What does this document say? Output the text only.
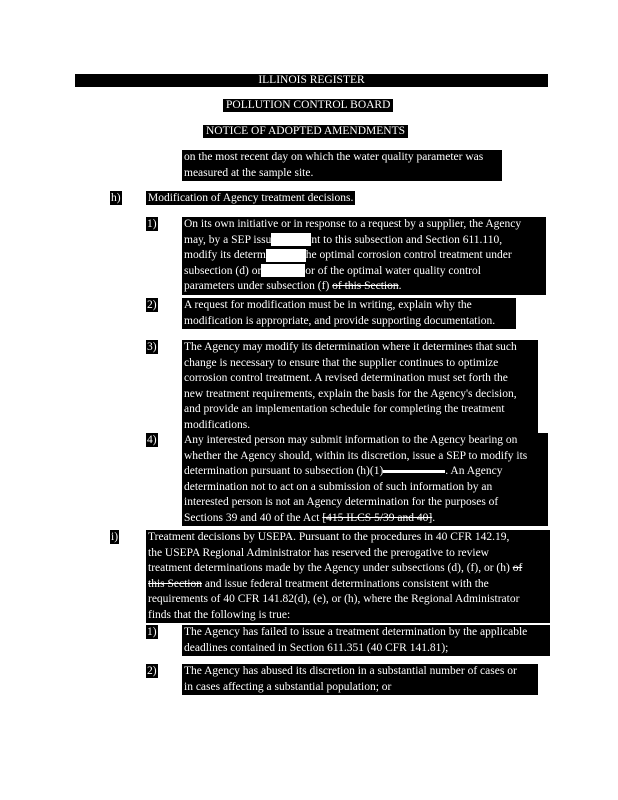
ILLINOIS REGISTER
POLLUTION CONTROL BOARD
NOTICE OF ADOPTED AMENDMENTS
on the most recent day on which the water quality parameter was
measured at the sample site.
h) Modification of Agency treatment decisions.
1) On its own initiative or in response to a request by a supplier, the Agency
may, by a SEP issu	nt to this subsection and Section 611.110,
modify its determ	he optimal corrosion control treatment under
subsection (d) or	or of the optimal water quality control
parameters under subsection (f) of this Section.
2) A request for modification must be in writing, explain why the
modification is appropriate, and provide supporting documentation.
3) The Agency may modify its determination where it determines that such
change is necessary to ensure that the supplier continues to optimize
corrosion control treatment. A revised determination must set forth the
new treatment requirements, explain the basis for the Agency's decision,
and provide an implementation schedule for completing the treatment
modifications.
4) Any interested person may submit information to the Agency bearing on
whether the Agency should, within its discretion, issue a SEP to modify its
determination pursuant to subsection (h)(1)	. An Agency
determination not to act on a submission of such information by an
interested person is not an Agency determination for the purposes of
Sections 39 and 40 of the Act [415 ILCS 5/39 and 40].
i)	Treatment decisions by USEPA. Pursuant to the procedures in 40 CFR 142.19,
the USEPA Regional Administrator has reserved the prerogative to review
treatment determinations made by the Agency under subsections (d), (f), or (h) of
this Section and issue federal treatment determinations consistent with the
requirements of 40 CFR 141.82(d), (e), or (h), where the Regional Administrator
finds that the following is true:
1) The Agency has failed to issue a treatment determination by the applicable
deadlines contained in Section 611.351 (40 CFR 141.81);
2) The Agency has abused its discretion in a substantial number of cases or
in cases affecting a substantial population; or
